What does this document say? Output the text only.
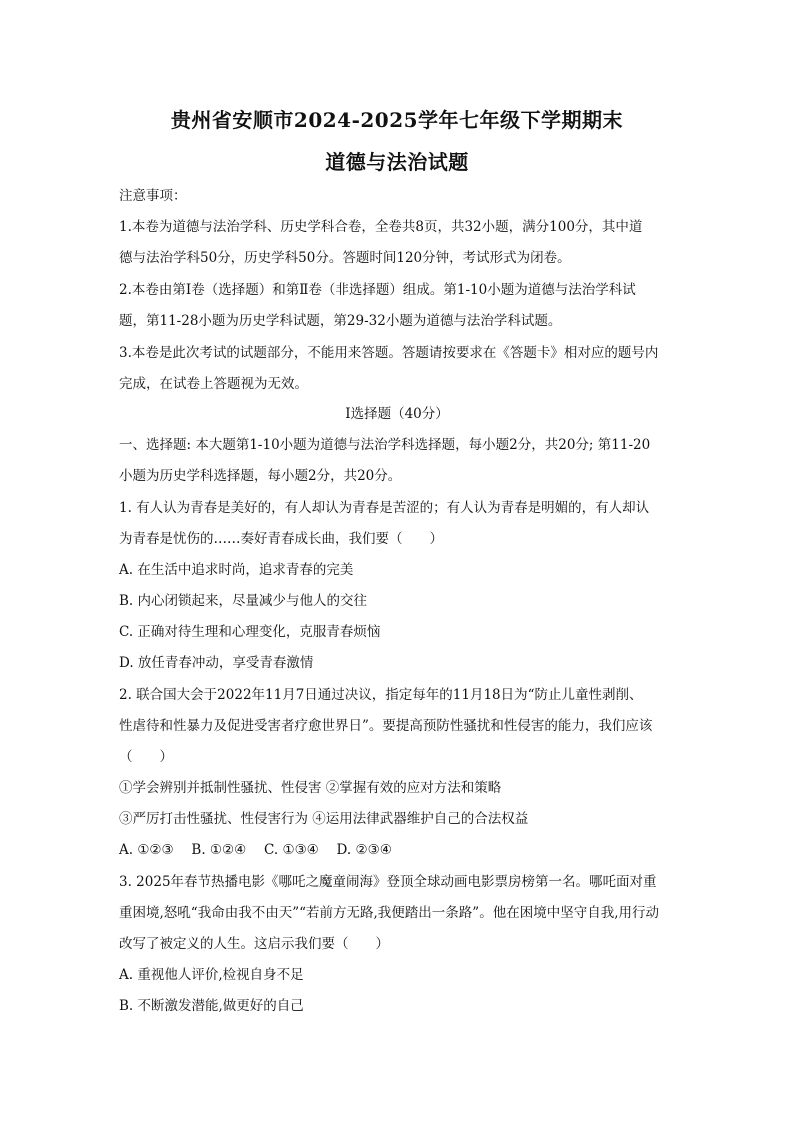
贵州省安顺市2024-2025学年七年级下学期期末
道德与法治试题
注意事项：
1.本卷为道德与法治学科、历史学科合卷，全卷共8页，共32小题，满分100分，其中道
德与法治学科50分，历史学科50分。答题时间120分钟，考试形式为闭卷。
2.本卷由第Ⅰ卷（选择题）和第Ⅱ卷（非选择题）组成。第1-10小题为道德与法治学科试
题，第11-28小题为历史学科试题，第29-32小题为道德与法治学科试题。
3.本卷是此次考试的试题部分，不能用来答题。答题请按要求在《答题卡》相对应的题号内
完成，在试卷上答题视为无效。
Ⅰ选择题（40分）
一、选择题: 本大题第1-10小题为道德与法治学科选择题，每小题2分，共20分; 第11-20
小题为历史学科选择题，每小题2分，共20分。
1. 有人认为青春是美好的，有人却认为青春是苦涩的；有人认为青春是明媚的，有人却认
为青春是忧伤的……奏好青春成长曲，我们要（　　）
A. 在生活中追求时尚，追求青春的完美
B. 内心闭锁起来，尽量减少与他人的交往
C. 正确对待生理和心理变化，克服青春烦恼
D. 放任青春冲动，享受青春激情
2. 联合国大会于2022年11月7日通过决议，指定每年的11月18日为“防止儿童性剥削、
性虐待和性暴力及促进受害者疗愈世界日”。要提高预防性骚扰和性侵害的能力，我们应该
（　　）
①学会辨别并抵制性骚扰、性侵害 ②掌握有效的应对方法和策略
③严厉打击性骚扰、性侵害行为 ④运用法律武器维护自己的合法权益
A. ①②③　 B. ①②④　 C. ①③④　 D. ②③④
3. 2025年春节热播电影《哪吒之魔童闹海》登顶全球动画电影票房榜第一名。哪吒面对重
重困境,怒吼“我命由我不由天”“若前方无路,我便踏出一条路”。他在困境中坚守自我,用行动
改写了被定义的人生。这启示我们要（　　）
A. 重视他人评价,检视自身不足
B. 不断激发潜能,做更好的自己
